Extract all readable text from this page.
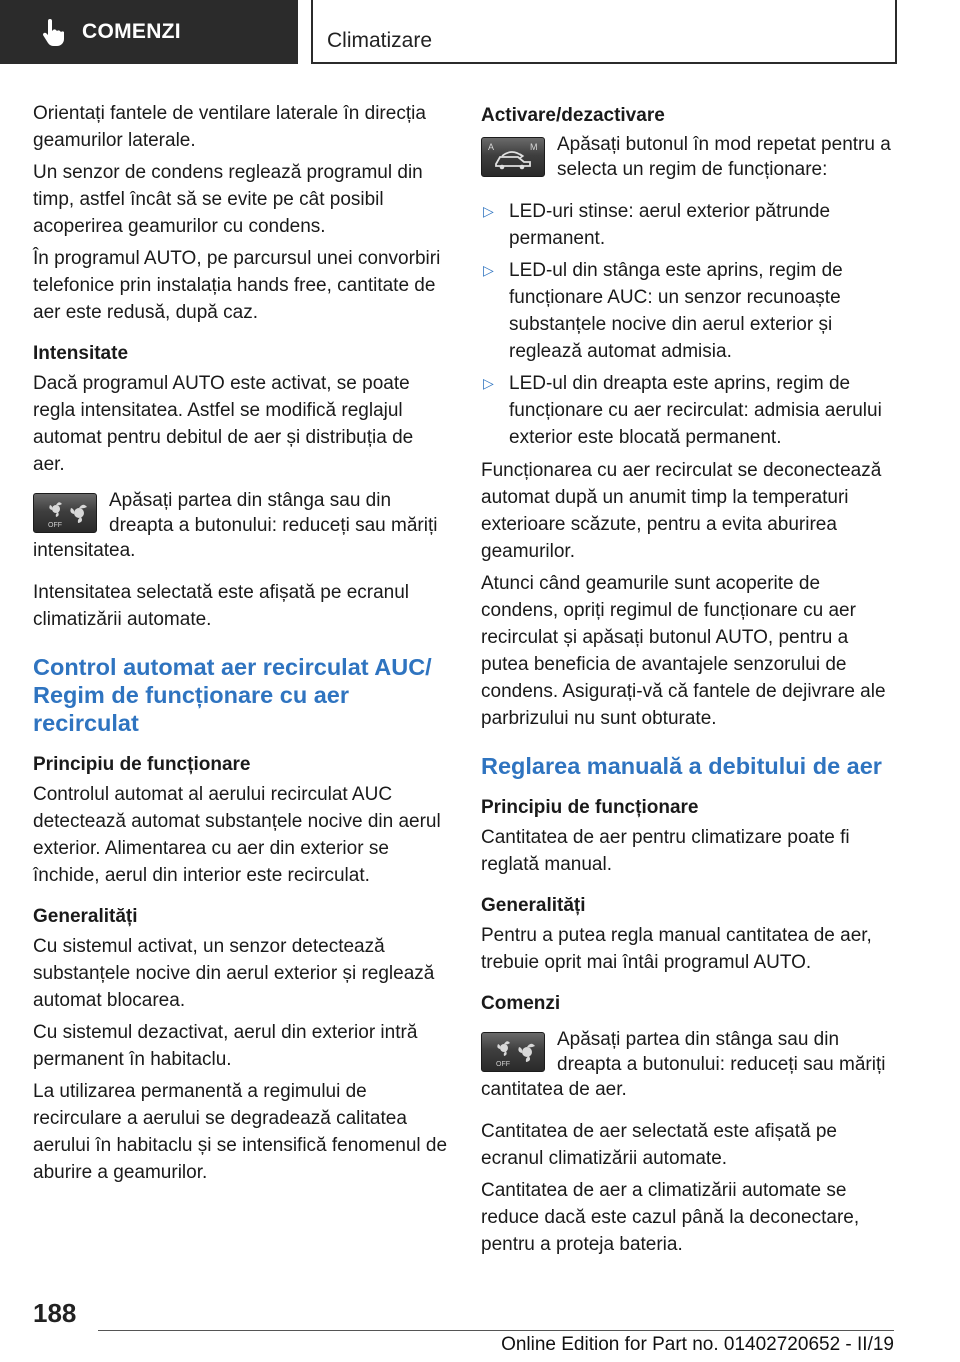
COMENZI	Climatizare

Orientați fantele de ventilare laterale în direcția geamurilor laterale.

Un senzor de condens reglează programul din timp, astfel încât să se evite pe cât posibil acoperirea geamurilor cu condens.

În programul AUTO, pe parcursul unei convorbiri telefonice prin instalația hands free, cantitate de aer este redusă, după caz.

Intensitate

Dacă programul AUTO este activat, se poate regla intensitatea. Astfel se modifică reglajul automat pentru debitul de aer și distribuția de aer.

OFF
Apăsați partea din stânga sau din dreapta a butonului: reduceți sau măriți intensitatea.

Intensitatea selectată este afișată pe ecranul climatizării automate.

Control automat aer recirculat AUC/ Regim de funcționare cu aer recirculat
Principiu de funcționare

Controlul automat al aerului recirculat AUC detectează automat substanțele nocive din aerul exterior. Alimentarea cu aer din exterior se închide, aerul din interior este recirculat.

Generalități

Cu sistemul activat, un senzor detectează substanțele nocive din aerul exterior și reglează automat blocarea.

Cu sistemul dezactivat, aerul din exterior intră permanent în habitaclu.

La utilizarea permanentă a regimului de recirculare a aerului se degradează calitatea aerului în habitaclu și se intensifică fenomenul de aburire a geamurilor.

Activare/dezactivare
A	M Apăsați butonul în mod repetat pentru a selecta un regim de funcționare:
▷ LED-uri stinse: aerul exterior pătrunde permanent.
▷ LED-ul din stânga este aprins, regim de funcționare AUC: un senzor recunoaște substanțele nocive din aerul exterior și reglează automat admisia.
▷ LED-ul din dreapta este aprins, regim de funcționare cu aer recirculat: admisia aerului exterior este blocată permanent.

Funcționarea cu aer recirculat se deconectează automat după un anumit timp la temperaturi exterioare scăzute, pentru a evita aburirea geamurilor.

Atunci când geamurile sunt acoperite de condens, opriți regimul de funcționare cu aer recirculat și apăsați butonul AUTO, pentru a putea beneficia de avantajele senzorului de condens. Asigurați-vă că fantele de dejivrare ale parbrizului nu sunt obturate.

Reglarea manuală a debitului de aer
Principiu de funcționare

Cantitatea de aer pentru climatizare poate fi reglată manual.

Generalități

Pentru a putea regla manual cantitatea de aer, trebuie oprit mai întâi programul AUTO.

Comenzi
OFF
Apăsați partea din stânga sau din dreapta a butonului: reduceți sau măriți cantitatea de aer.

Cantitatea de aer selectată este afișată pe ecranul climatizării automate.

Cantitatea de aer a climatizării automate se reduce dacă este cazul până la deconectare, pentru a proteja bateria.

188
Online Edition for Part no. 01402720652 - II/19
